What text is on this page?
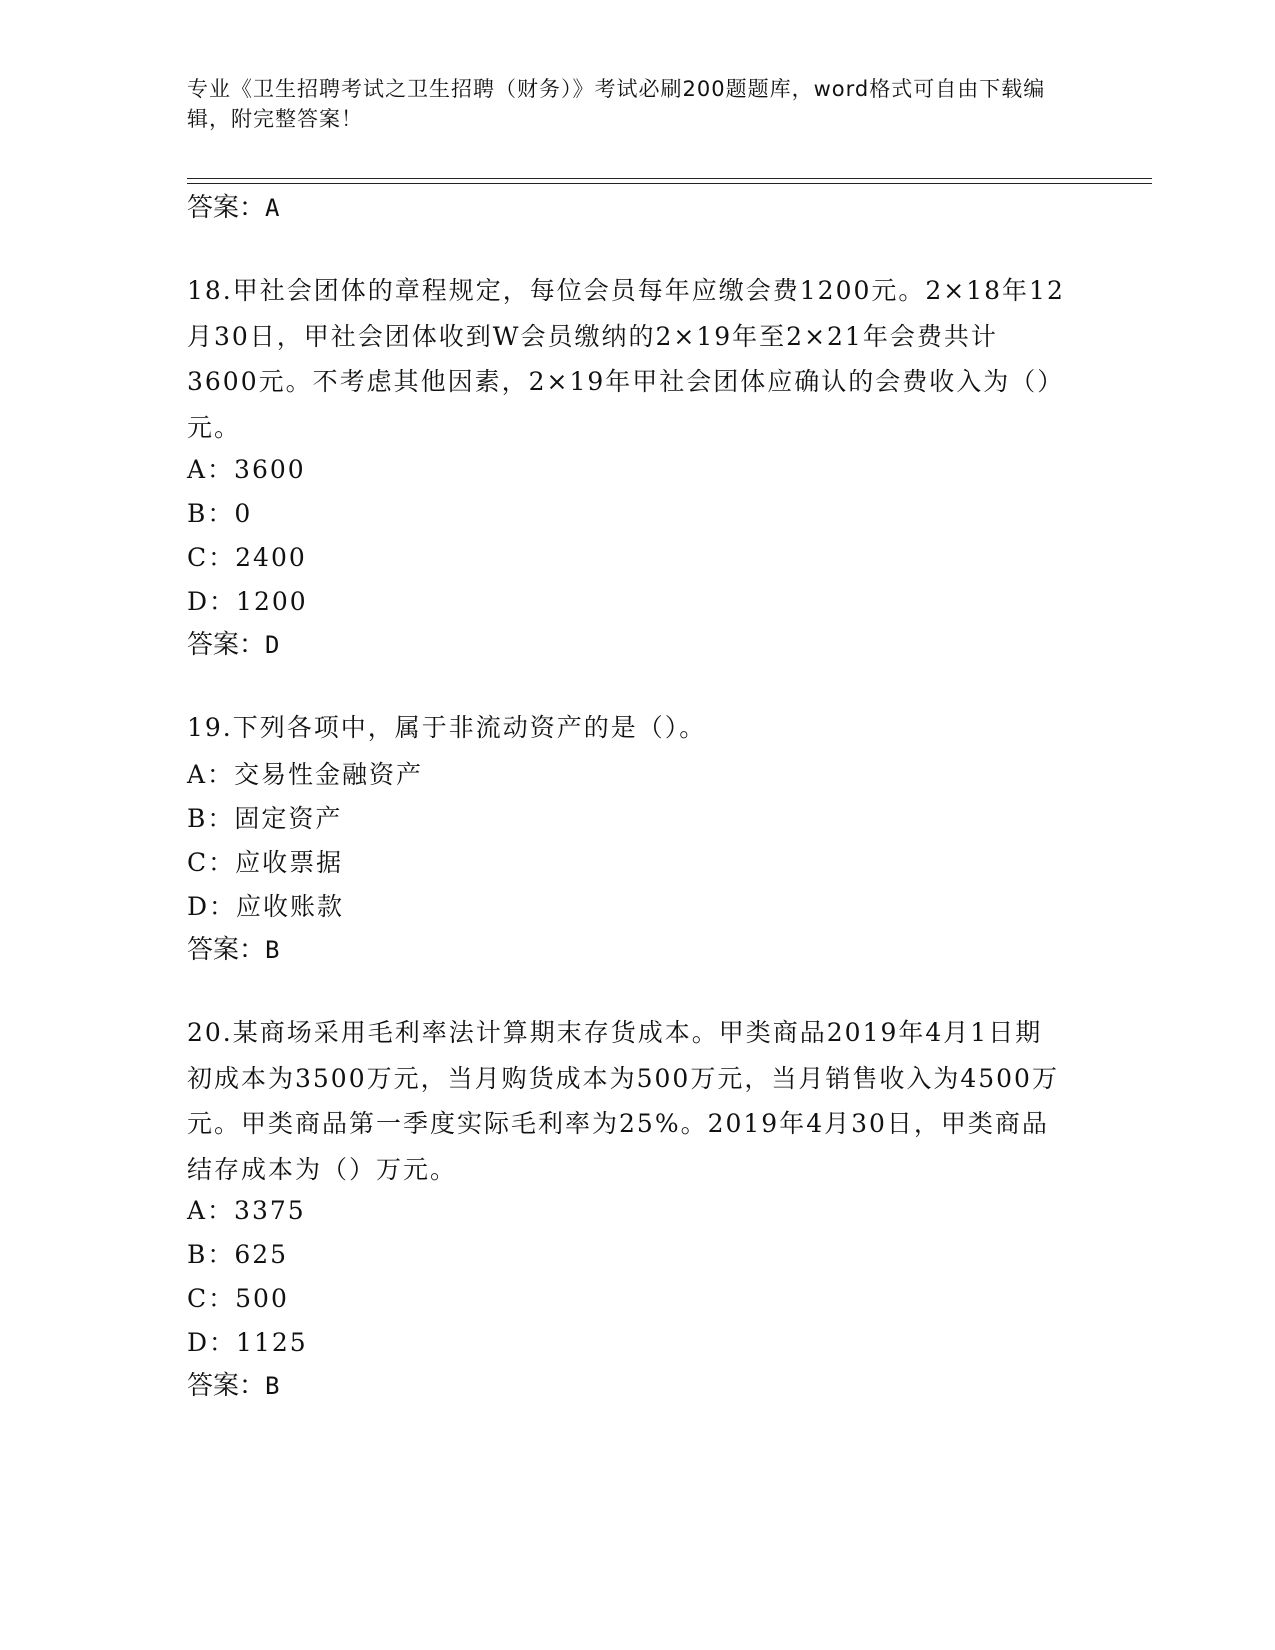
专业《卫生招聘考试之卫生招聘（财务）》考试必刷200题题库，word格式可自由下载编辑，附完整答案！
答案：A
18.甲社会团体的章程规定，每位会员每年应缴会费1200元。2×18年12月30日，甲社会团体收到W会员缴纳的2×19年至2×21年会费共计3600元。不考虑其他因素，2×19年甲社会团体应确认的会费收入为（）元。
A：3600
B：0
C：2400
D：1200
答案：D
19.下列各项中，属于非流动资产的是（）。
A：交易性金融资产
B：固定资产
C：应收票据
D：应收账款
答案：B
20.某商场采用毛利率法计算期末存货成本。甲类商品2019年4月1日期初成本为3500万元，当月购货成本为500万元，当月销售收入为4500万元。甲类商品第一季度实际毛利率为25%。2019年4月30日，甲类商品结存成本为（）万元。
A：3375
B：625
C：500
D：1125
答案：B
